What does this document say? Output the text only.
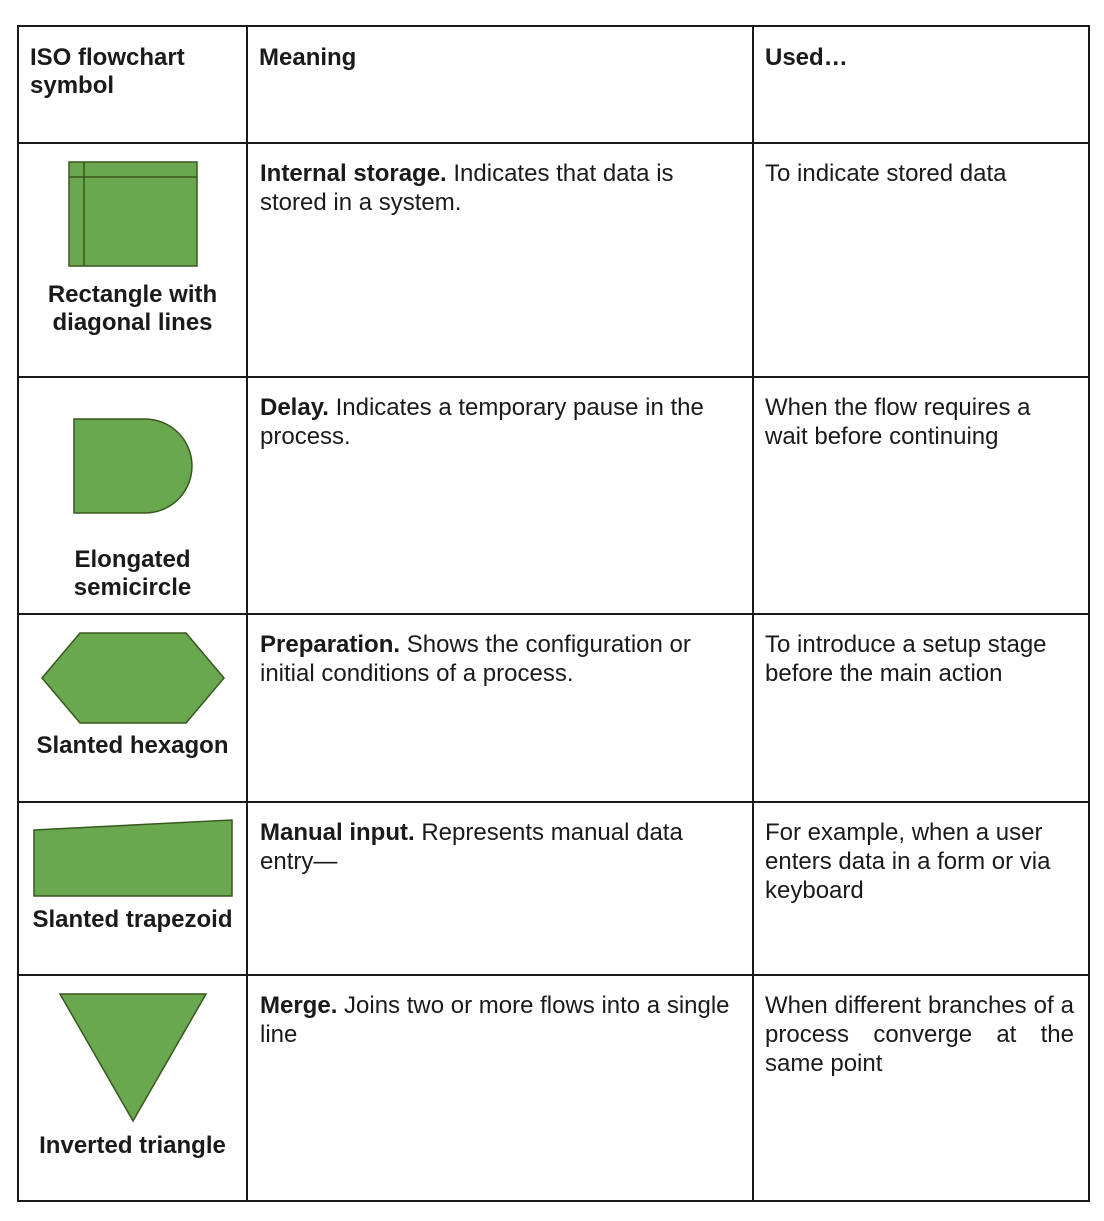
ISO flowchart symbol	Meaning	Used…

Rectangle with diagonal lines	Internal storage. Indicates that data is stored in a system.	To indicate stored data

Elongated semicircle	Delay. Indicates a temporary pause in the process.	When the flow requires a wait before continuing

Slanted hexagon	Preparation. Shows the configuration or initial conditions of a process.	To introduce a setup stage before the main action

Slanted trapezoid	Manual input. Represents manual data entry—	For example, when a user enters data in a form or via keyboard

Inverted triangle	Merge. Joins two or more flows into a single line	When different branches of a process converge at the same point
